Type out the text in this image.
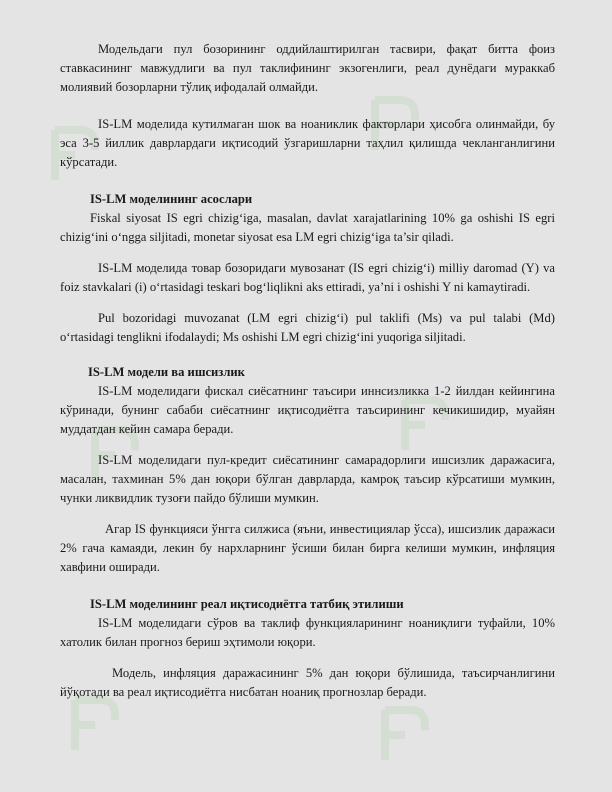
Модельдаги пул бозорининг оддийлаштирилган тасвири, фақат битта фоиз ставкасининг мавжудлиги ва пул таклифининг экзогенлиги, реал дунёдаги мураккаб молиявий бозорларни тўлиқ ифодалай олмайди.

IS-LM моделида кутилмаган шок ва ноаниклик факторлари ҳисобга олинмайди, бу эса 3-5 йиллик даврлардаги иқтисодий ўзгаришларни таҳлил қилишда чекланганлигини кўрсатади.

IS-LM моделининг асослари

Fiskal siyosat IS egri chizig‘iga, masalan, davlat xarajatlarining 10% ga oshishi IS egri chizig‘ini o‘ngga siljitadi, monetar siyosat esa LM egri chizig‘iga ta’sir qiladi.

IS-LM моделида товар бозоридаги мувозанат (IS egri chizig‘i) milliy daromad (Y) va foiz stavkalari (i) o‘rtasidagi teskari bog‘liqlikni aks ettiradi, ya’ni i oshishi Y ni kamaytiradi.

Pul bozoridagi muvozanat (LM egri chizig‘i) pul taklifi (Ms) va pul talabi (Md) o‘rtasidagi tenglikni ifodalaydi; Ms oshishi LM egri chizig‘ini yuqoriga siljitadi.

IS-LM модели ва ишсизлик

IS-LM моделидаги фискал сиёсатнинг таъсири иннсизликка 1-2 йилдан кейингина кўринади, бунинг сабаби сиёсатнинг иқтисодиётга таъсирининг кечикишидир, муайян муддатдан кейин самара беради.

IS-LM моделидаги пул-кредит сиёсатининг самарадорлиги ишсизлик даражасига, масалан, тахминан 5% дан юқори бўлган даврларда, камроқ таъсир кўрсатиши мумкин, чунки ликвидлик тузоғи пайдо бўлиши мумкин.

Агар IS функцияси ўнгга силжиса (яъни, инвестициялар ўсса), ишсизлик даражаси 2% гача камаяди, лекин бу нархларнинг ўсиши билан бирга келиши мумкин, инфляция хавфини оширади.

IS-LM моделининг реал иқтисодиётга татбиқ этилиши

IS-LM моделидаги сўров ва таклиф функцияларининг ноаниқлиги туфайли, 10% хатолик билан прогноз бериш эҳтимоли юқори.

Модель, инфляция даражасининг 5% дан юқори бўлишида, таъсирчанлигини йўқотади ва реал иқтисодиётга нисбатан ноаниқ прогнозлар беради.
